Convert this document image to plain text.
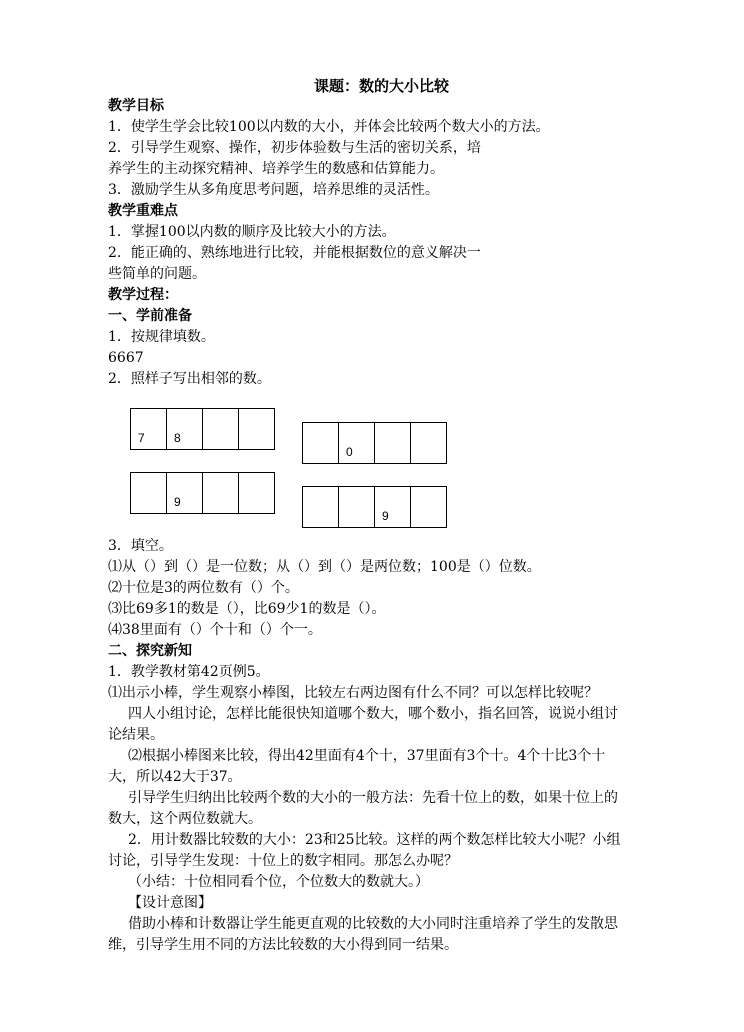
课题：数的大小比较
教学目标
1．使学生学会比较100以内数的大小，并体会比较两个数大小的方法。
2．引导学生观察、操作，初步体验数与生活的密切关系，培
养学生的主动探究精神、培养学生的数感和估算能力。
3．激励学生从多角度思考问题，培养思维的灵活性。
教学重难点
1．掌握100以内数的顺序及比较大小的方法。
2．能正确的、熟练地进行比较，并能根据数位的意义解决一
些简单的问题。
教学过程：
一、学前准备
1．按规律填数。
6667
2．照样子写出相邻的数。
7 8
0
9
9
3．填空。
⑴从（）到（）是一位数；从（）到（）是两位数；100是（）位数。
⑵十位是3的两位数有（）个。
⑶比69多1的数是（），比69少1的数是（）。
⑷38里面有（）个十和（）个一。
二、探究新知
1．教学教材第42页例5。
⑴出示小棒，学生观察小棒图，比较左右两边图有什么不同？可以怎样比较呢？
四人小组讨论，怎样比能很快知道哪个数大，哪个数小，指名回答，说说小组讨
论结果。
⑵根据小棒图来比较，得出42里面有4个十，37里面有3个十。4个十比3个十
大，所以42大于37。
引导学生归纳出比较两个数的大小的一般方法：先看十位上的数，如果十位上的
数大，这个两位数就大。
2．用计数器比较数的大小：23和25比较。这样的两个数怎样比较大小呢？小组
讨论，引导学生发现：十位上的数字相同。那怎么办呢？
（小结：十位相同看个位，个位数大的数就大。）
【设计意图】
借助小棒和计数器让学生能更直观的比较数的大小同时注重培养了学生的发散思
维，引导学生用不同的方法比较数的大小得到同一结果。
